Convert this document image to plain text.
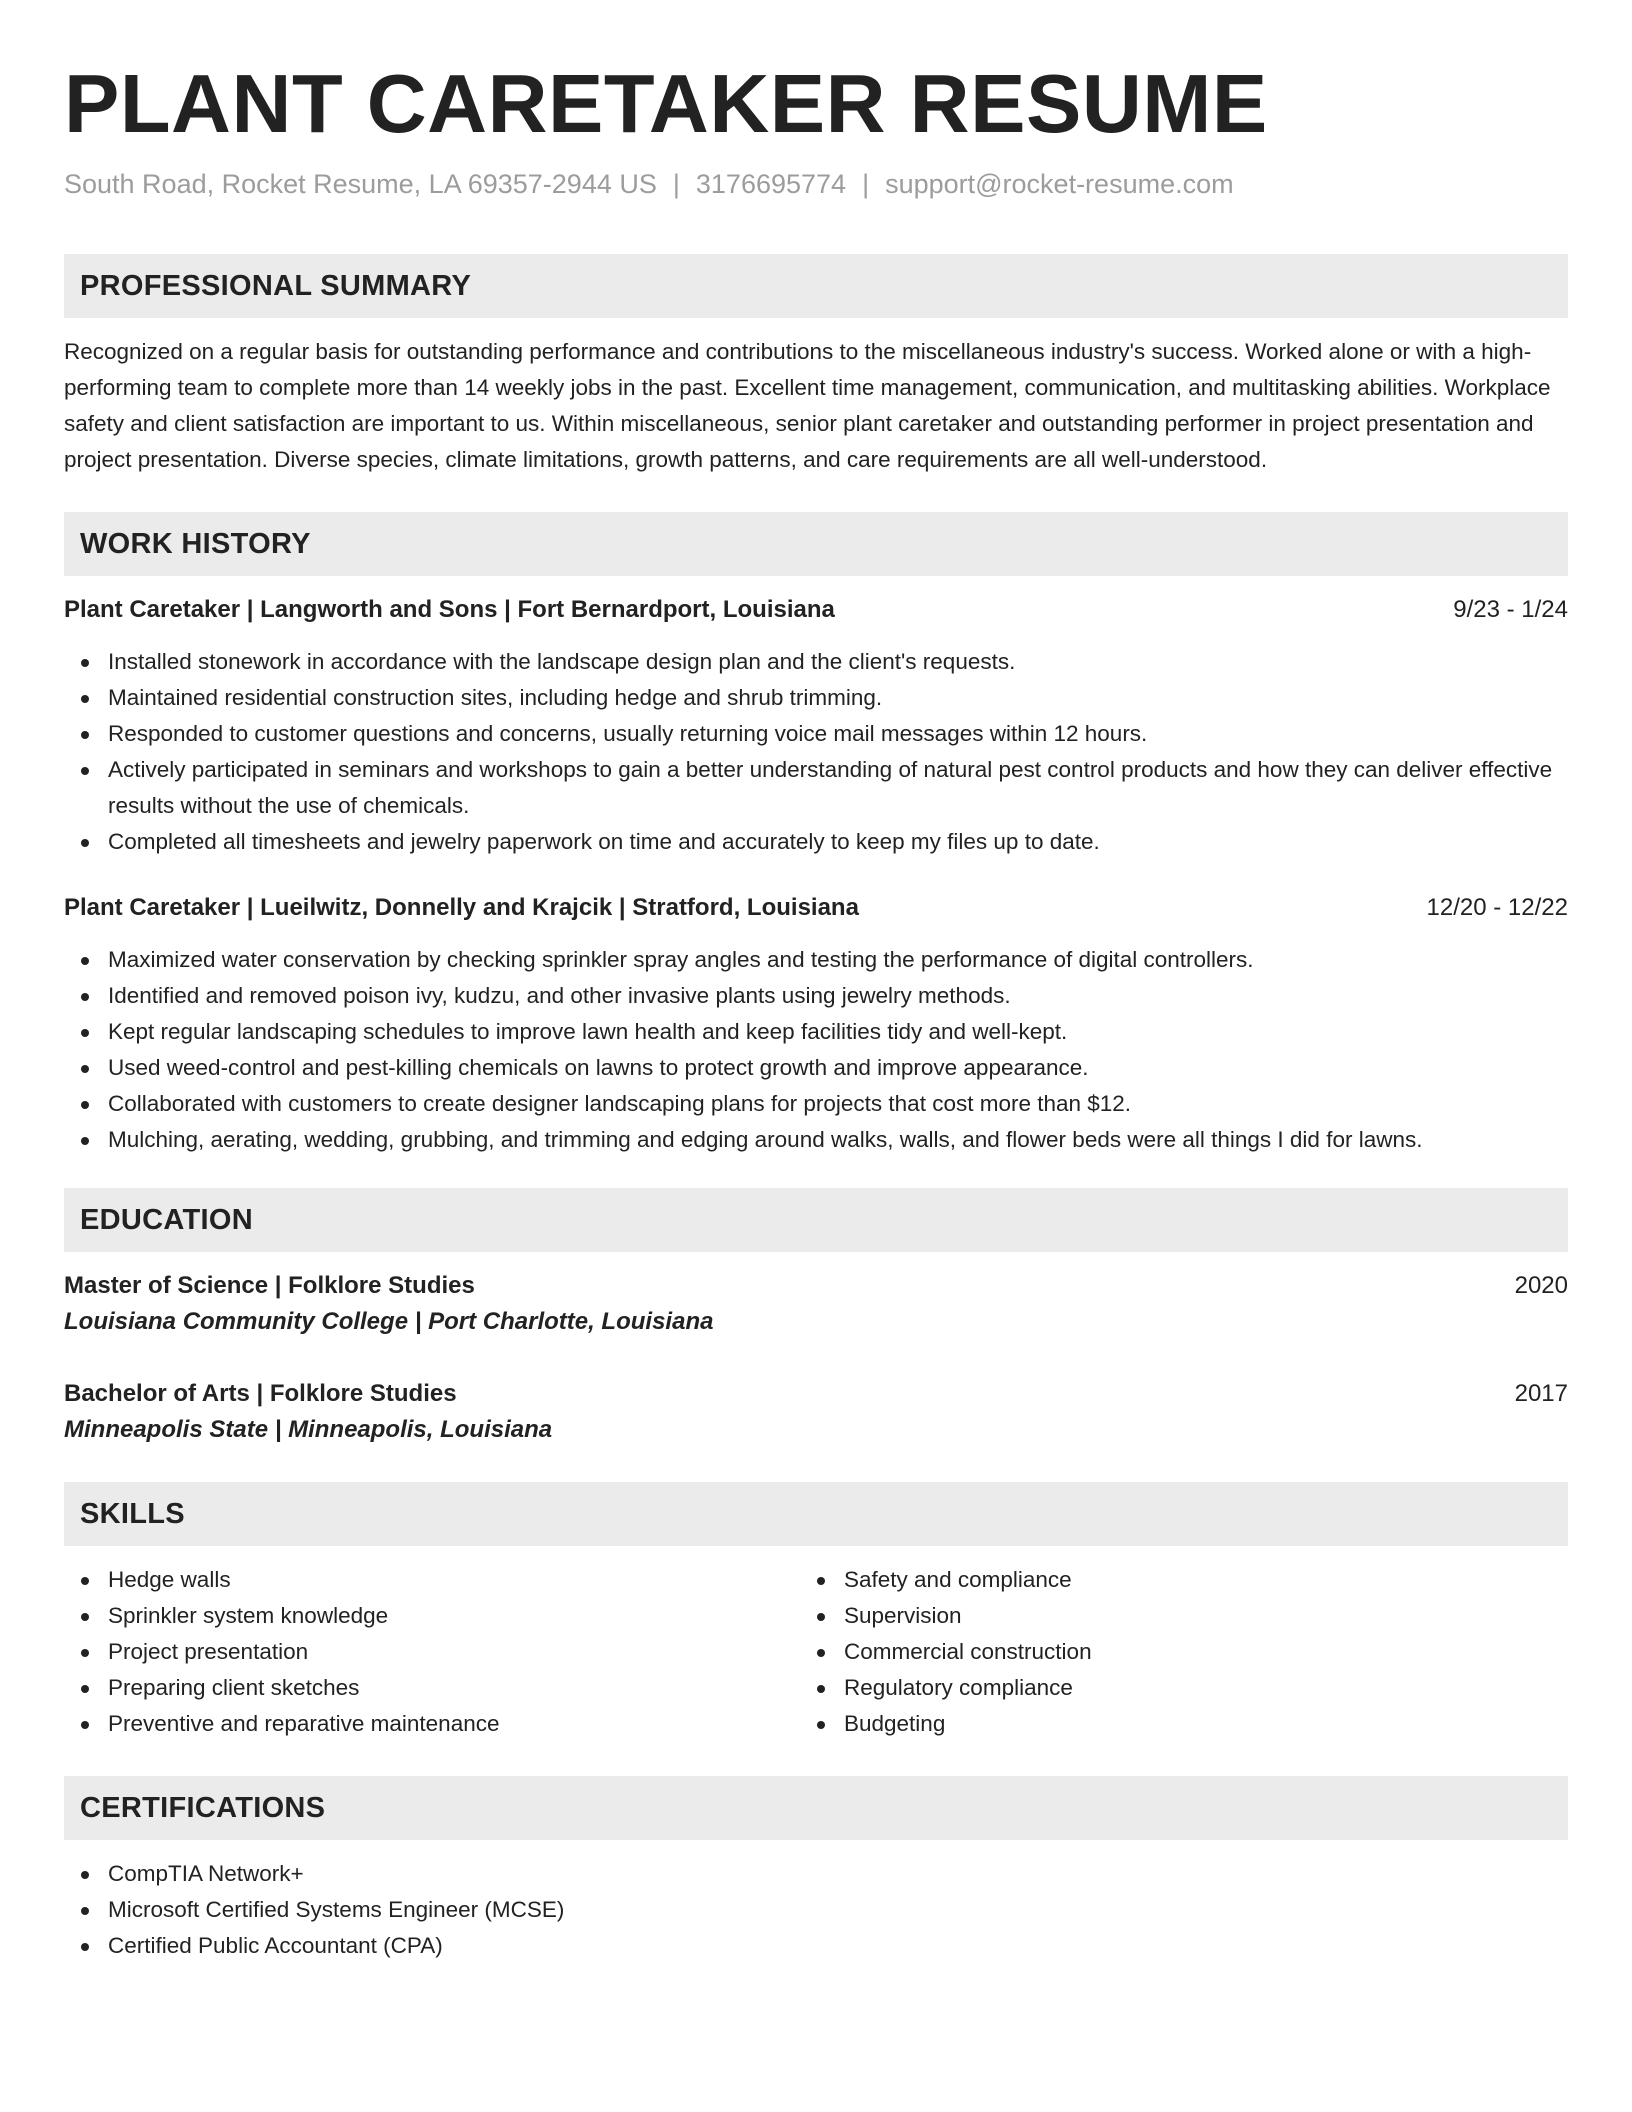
PLANT CARETAKER RESUME
South Road, Rocket Resume, LA 69357-2944 US | 3176695774 | support@rocket-resume.com
PROFESSIONAL SUMMARY

Recognized on a regular basis for outstanding performance and contributions to the miscellaneous industry's success. Worked alone or with a high-performing team to complete more than 14 weekly jobs in the past. Excellent time management, communication, and multitasking abilities. Workplace safety and client satisfaction are important to us. Within miscellaneous, senior plant caretaker and outstanding performer in project presentation and project presentation. Diverse species, climate limitations, growth patterns, and care requirements are all well-understood.

WORK HISTORY
Plant Caretaker | Langworth and Sons | Fort Bernardport, Louisiana	9/23 - 1/24
Installed stonework in accordance with the landscape design plan and the client's requests.
Maintained residential construction sites, including hedge and shrub trimming.
Responded to customer questions and concerns, usually returning voice mail messages within 12 hours.
Actively participated in seminars and workshops to gain a better understanding of natural pest control products and how they can deliver effective results without the use of chemicals.
Completed all timesheets and jewelry paperwork on time and accurately to keep my files up to date.
Plant Caretaker | Lueilwitz, Donnelly and Krajcik | Stratford, Louisiana	12/20 - 12/22
Maximized water conservation by checking sprinkler spray angles and testing the performance of digital controllers.
Identified and removed poison ivy, kudzu, and other invasive plants using jewelry methods.
Kept regular landscaping schedules to improve lawn health and keep facilities tidy and well-kept.
Used weed-control and pest-killing chemicals on lawns to protect growth and improve appearance.
Collaborated with customers to create designer landscaping plans for projects that cost more than $12.
Mulching, aerating, wedding, grubbing, and trimming and edging around walks, walls, and flower beds were all things I did for lawns.
EDUCATION
Master of Science | Folklore Studies	2020
Louisiana Community College | Port Charlotte, Louisiana
Bachelor of Arts | Folklore Studies	2017
Minneapolis State | Minneapolis, Louisiana
SKILLS
Hedge walls
Sprinkler system knowledge
Project presentation
Preparing client sketches
Preventive and reparative maintenance
Safety and compliance
Supervision
Commercial construction
Regulatory compliance
Budgeting
CERTIFICATIONS
CompTIA Network+
Microsoft Certified Systems Engineer (MCSE)
Certified Public Accountant (CPA)
